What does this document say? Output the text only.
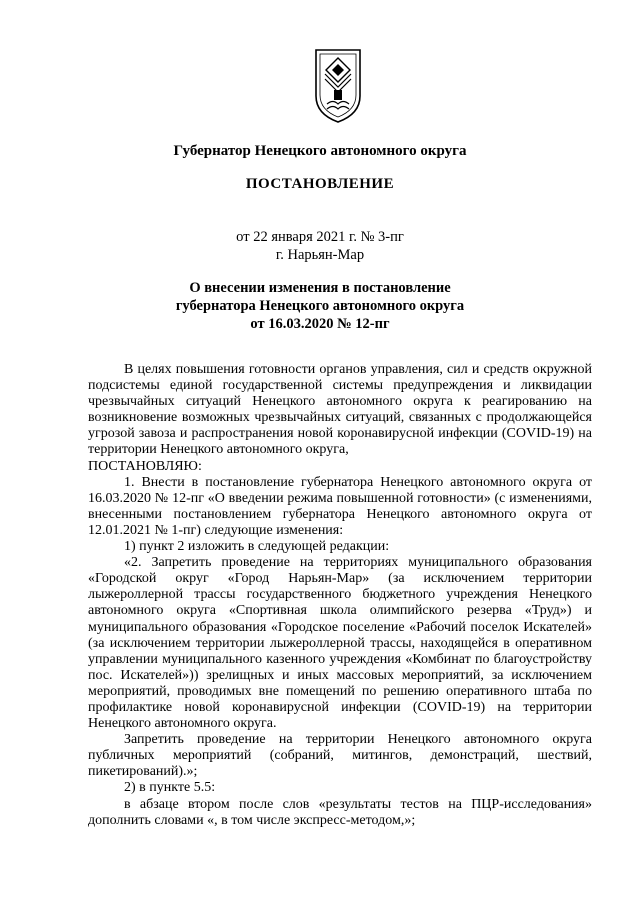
Губернатор Ненецкого автономного округа
ПОСТАНОВЛЕНИЕ
от 22 января 2021 г. № 3-пг
г. Нарьян-Мар
О внесении изменения в постановление
губернатора Ненецкого автономного округа
от 16.03.2020 № 12-пг
В целях повышения готовности органов управления, сил и средств окружной подсистемы единой государственной системы предупреждения и ликвидации чрезвычайных ситуаций Ненецкого автономного округа к реагированию на возникновение возможных чрезвычайных ситуаций, связанных с продолжающейся угрозой завоза и распространения новой коронавирусной инфекции (COVID-19) на территории Ненецкого автономного округа,
ПОСТАНОВЛЯЮ:
1. Внести в постановление губернатора Ненецкого автономного округа от 16.03.2020 № 12-пг «О введении режима повышенной готовности» (с изменениями, внесенными постановлением губернатора Ненецкого автономного округа от 12.01.2021 № 1-пг) следующие изменения:
1) пункт 2 изложить в следующей редакции:
«2. Запретить проведение на территориях муниципального образования «Городской округ «Город Нарьян-Мар» (за исключением территории лыжероллерной трассы государственного бюджетного учреждения Ненецкого автономного округа «Спортивная школа олимпийского резерва «Труд») и муниципального образования «Городское поселение «Рабочий поселок Искателей» (за исключением территории лыжероллерной трассы, находящейся в оперативном управлении муниципального казенного учреждения «Комбинат по благоустройству пос. Искателей»)) зрелищных и иных массовых мероприятий, за исключением мероприятий, проводимых вне помещений по решению оперативного штаба по профилактике новой коронавирусной инфекции (COVID-19) на территории Ненецкого автономного округа.
Запретить проведение на территории Ненецкого автономного округа публичных мероприятий (собраний, митингов, демонстраций, шествий, пикетирований).»;
2) в пункте 5.5:
в абзаце втором после слов «результаты тестов на ПЦР-исследования» дополнить словами «, в том числе экспресс-методом,»;
